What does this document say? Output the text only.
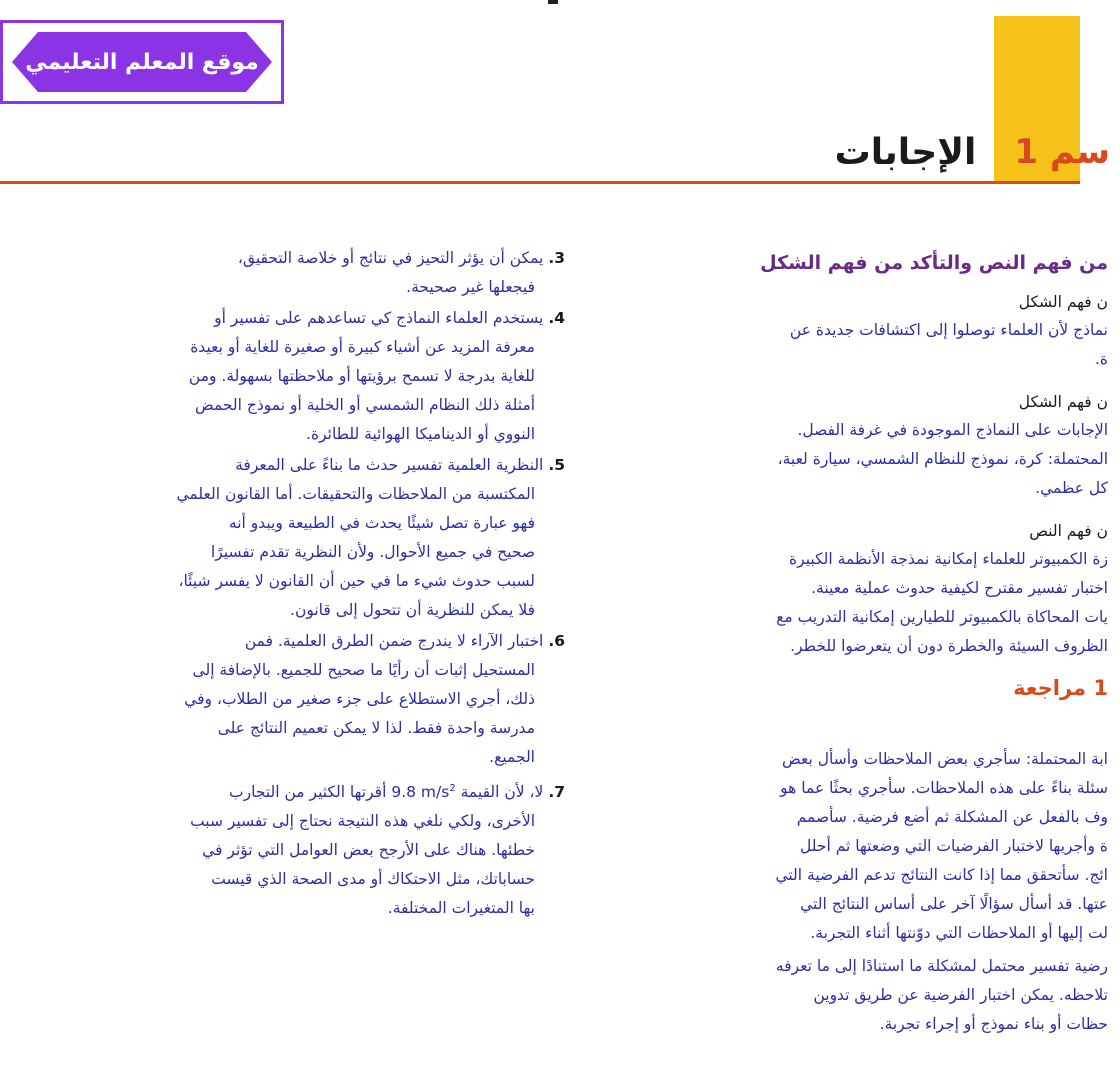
موقع المعلم التعليمي
سم 1
الإجابات
من فهم النص والتأكد من فهم الشكل
ن فهم الشكل
نماذج لأن العلماء توصلوا إلى اكتشافات جديدة عن
ة.
ن فهم الشكل
الإجابات على النماذج الموجودة في غرفة الفصل.
المحتملة: كرة، نموذج للنظام الشمسي، سيارة لعبة،
كل عظمي.
ن فهم النص
زة الكمبيوتر للعلماء إمكانية نمذجة الأنظمة الكبيرة
اختبار تفسير مقترح لكيفية حدوث عملية معينة.
يات المحاكاة بالكمبيوتر للطيارين إمكانية التدريب مع
الظروف السيئة والخطرة دون أن يتعرضوا للخطر.
1 مراجعة
ابة المحتملة: سأجري بعض الملاحظات وأسأل بعض
سئلة بناءً على هذه الملاحظات. سأجري بحثًا عما هو
وف بالفعل عن المشكلة ثم أضع فرضية. سأصمم
ة وأجريها لاختبار الفرضيات التي وضعتها ثم أحلل
ائج. سأتحقق مما إذا كانت النتائج تدعم الفرضية التي
عتها. قد أسأل سؤالًا آخر على أساس النتائج التي
لت إليها أو الملاحظات التي دوّنتها أثناء التجربة.
رضية تفسير محتمل لمشكلة ما استنادًا إلى ما تعرفه
تلاحظه. يمكن اختبار الفرضية عن طريق تدوين
حظات أو بناء نموذج أو إجراء تجربة.
3. يمكن أن يؤثر التحيز في نتائج أو خلاصة التحقيق،
فيجعلها غير صحيحة.
4. يستخدم العلماء النماذج كي تساعدهم على تفسير أو
معرفة المزيد عن أشياء كبيرة أو صغيرة للغاية أو بعيدة
للغاية بدرجة لا تسمح برؤيتها أو ملاحظتها بسهولة. ومن
أمثلة ذلك النظام الشمسي أو الخلية أو نموذج الحمض
النووي أو الديناميكا الهوائية للطائرة.
5. النظرية العلمية تفسير حدث ما بناءً على المعرفة
المكتسبة من الملاحظات والتحقيقات. أما القانون العلمي
فهو عبارة تصل شيئًا يحدث في الطبيعة ويبدو أنه
صحيح في جميع الأحوال. ولأن النظرية تقدم تفسيرًا
لسبب حدوث شيء ما في حين أن القانون لا يفسر شيئًا،
فلا يمكن للنظرية أن تتحول إلى قانون.
6. اختبار الآراء لا يندرج ضمن الطرق العلمية. فمن
المستحيل إثبات أن رأيًا ما صحيح للجميع. بالإضافة إلى
ذلك، أجري الاستطلاع على جزء صغير من الطلاب، وفي
مدرسة واحدة فقط. لذا لا يمكن تعميم النتائج على
الجميع.
7. لا، لأن القيمة 9.8 $m/s^2$ أقرتها الكثير من التجارب
الأخرى، ولكي نلغي هذه النتيجة نحتاج إلى تفسير سبب
خطئها. هناك على الأرجح بعض العوامل التي تؤثر في
حساباتك، مثل الاحتكاك أو مدى الصحة الذي قيست
بها المتغيرات المختلفة.
